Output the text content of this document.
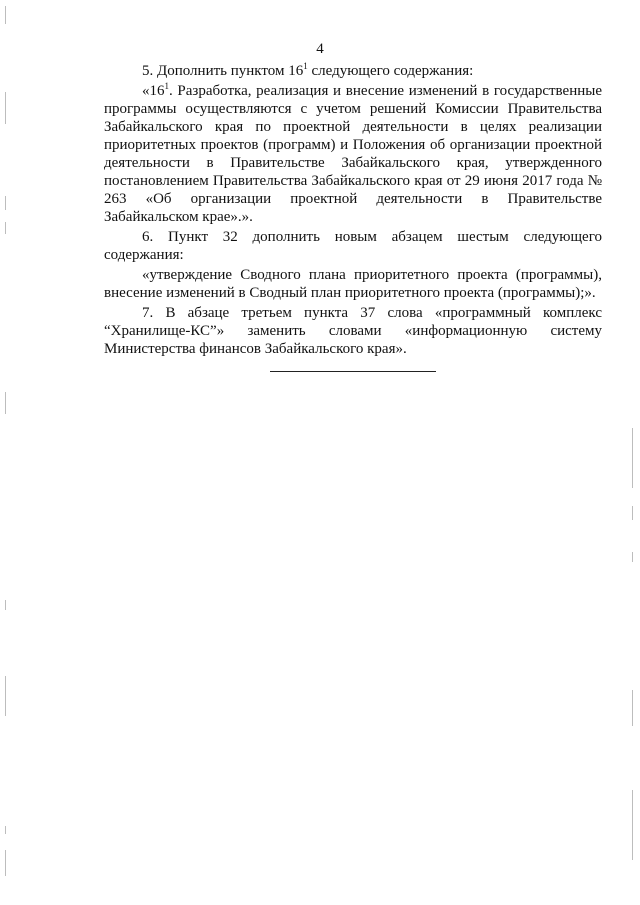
4

5. Дополнить пунктом $16^1$ следующего содержания:

«$16^1$. Разработка, реализация и внесение изменений в государственные программы осуществляются с учетом решений Комиссии Правительства Забайкальского края по проектной деятельности в целях реализации приоритетных проектов (программ) и Положения об организации проектной деятельности в Правительстве Забайкальского края, утвержденного постановлением Правительства Забайкальского края от 29 июня 2017 года № 263 «Об организации проектной деятельности в Правительстве Забайкальском крае».».

6. Пункт 32 дополнить новым абзацем шестым следующего содержания:

«утверждение Сводного плана приоритетного проекта (программы), внесение изменений в Сводный план приоритетного проекта (программы);».

7. В абзаце третьем пункта 37 слова «программный комплекс “Хранилище-КС”» заменить словами «информационную систему Министерства финансов Забайкальского края».
